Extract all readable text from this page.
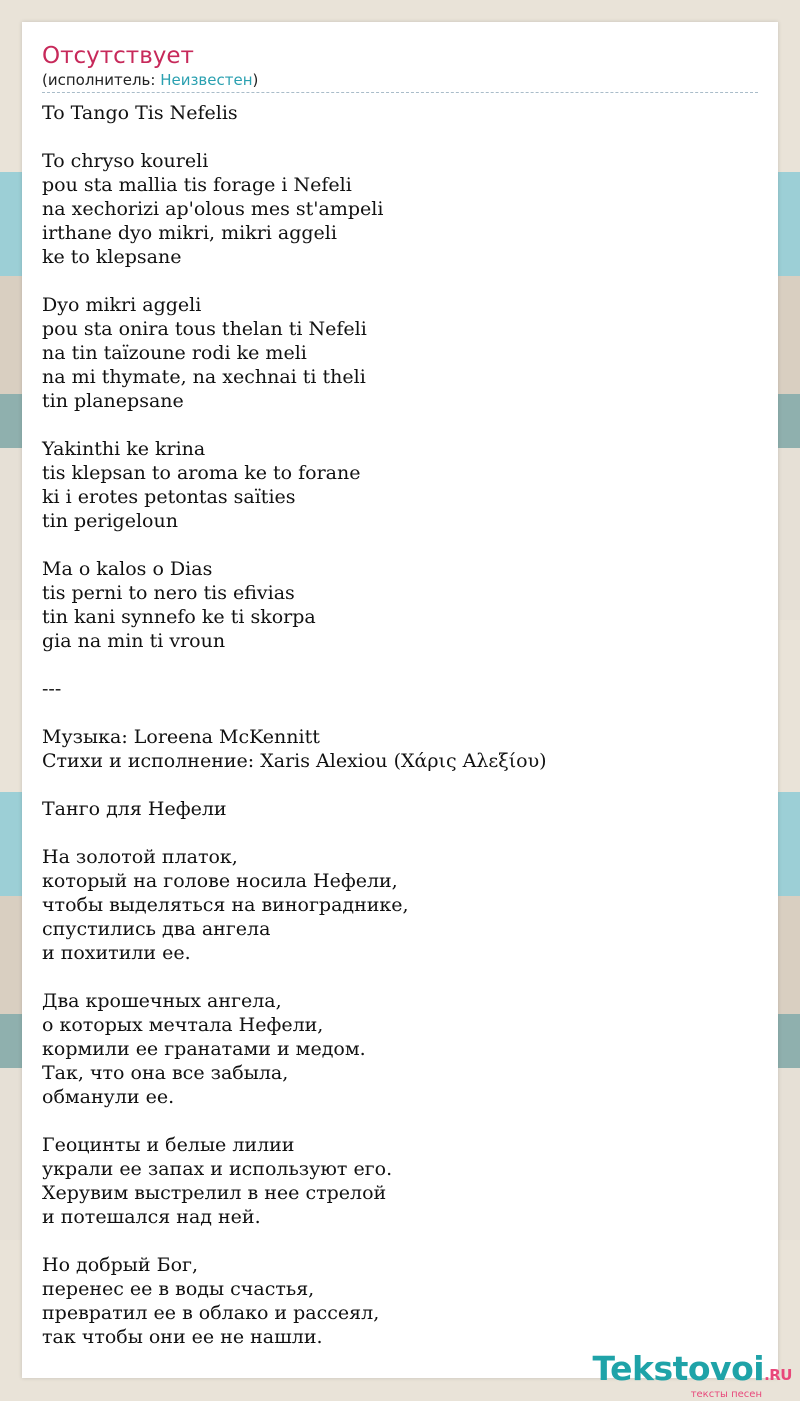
Отсутствует
(исполнитель: Неизвестен)
To Tango Tis Nefelis
To chryso koureli
pou sta mallia tis forage i Nefeli
na xechorizi ap'olous mes st'ampeli
irthane dyo mikri, mikri aggeli
ke to klepsane
Dyo mikri aggeli
pou sta onira tous thelan ti Nefeli
na tin taïzoune rodi ke meli
na mi thymate, na xechnai ti theli
tin planepsane
Yakinthi ke krina
tis klepsan to aroma ke to forane
ki i erotes petontas saïties
tin perigeloun
Ma o kalos o Dias
tis perni to nero tis efivias
tin kani synnefo ke ti skorpa
gia na min ti vroun
---
Музыка: Loreena McKennitt
Стихи и исполнение: Xaris Alexiou (Χάρις Αλεξίου)
Танго для Нефели
На золотой платок,
который на голове носила Нефели,
чтобы выделяться на винограднике,
спустились два ангела
и похитили ее.
Два крошечных ангела,
о которых мечтала Нефели,
кормили ее гранатами и медом.
Так, что она все забыла,
обманули ее.
Геоцинты и белые лилии
украли ее запах и используют его.
Херувим выстрелил в нее стрелой
и потешался над ней.
Но добрый Бог,
перенес ее в воды счастья,
превратил ее в облако и рассеял,
так чтобы они ее не нашли.
Tekstovoi.RU
тексты песен
